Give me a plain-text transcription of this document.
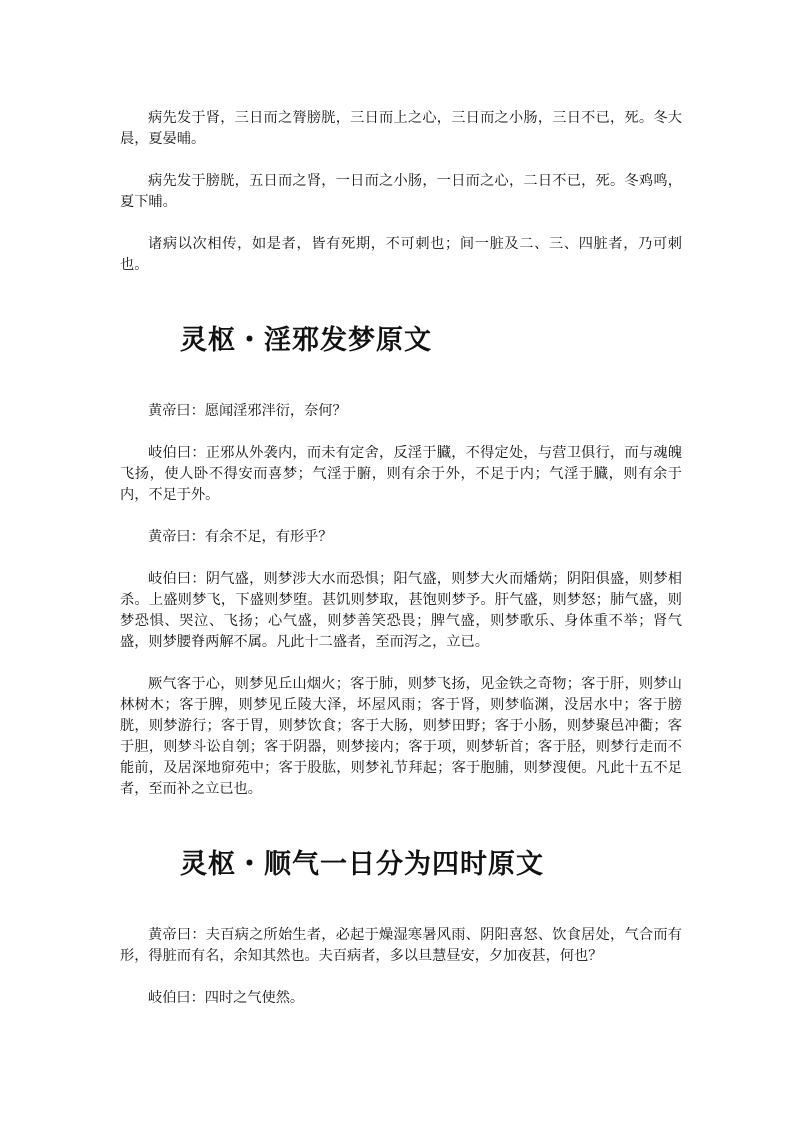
病先发于肾，三日而之膂膀胱，三日而上之心，三日而之小肠，三日不已，死。冬大晨，夏晏晡。

病先发于膀胱，五日而之肾，一日而之小肠，一日而之心，二日不已，死。冬鸡鸣，夏下晡。

诸病以次相传，如是者，皆有死期，不可刺也；间一脏及二、三、四脏者，乃可刺也。

灵枢・淫邪发梦原文

黄帝曰：愿闻淫邪泮衍，奈何？

岐伯曰：正邪从外袭内，而未有定舍，反淫于臓，不得定处，与营卫俱行，而与魂魄飞扬，使人卧不得安而喜梦；气淫于腑，则有余于外，不足于内；气淫于臓，则有余于内，不足于外。

黄帝曰：有余不足，有形乎？

岐伯曰：阴气盛，则梦涉大水而恐惧；阳气盛，则梦大火而燔焫；阴阳俱盛，则梦相杀。上盛则梦飞，下盛则梦堕。甚饥则梦取，甚饱则梦予。肝气盛，则梦怒；肺气盛，则梦恐惧、哭泣、飞扬；心气盛，则梦善笑恐畏；脾气盛，则梦歌乐、身体重不举；肾气盛，则梦腰脊两解不属。凡此十二盛者，至而泻之，立已。

厥气客于心，则梦见丘山烟火；客于肺，则梦飞扬，见金铁之奇物；客于肝，则梦山林树木；客于脾，则梦见丘陵大泽，坏屋风雨；客于肾，则梦临渊，没居水中；客于膀胱，则梦游行；客于胃，则梦饮食；客于大肠，则梦田野；客于小肠，则梦聚邑冲衢；客于胆，则梦斗讼自刳；客于阴器，则梦接内；客于项，则梦斩首；客于胫，则梦行走而不能前，及居深地窌苑中；客于股肱，则梦礼节拜起；客于胞脯，则梦溲便。凡此十五不足者，至而补之立已也。

灵枢・顺气一日分为四时原文

黄帝曰：夫百病之所始生者，必起于燥湿寒暑风雨、阴阳喜怒、饮食居处，气合而有形，得脏而有名，余知其然也。夫百病者，多以旦慧昼安，夕加夜甚，何也？

岐伯曰：四时之气使然。
